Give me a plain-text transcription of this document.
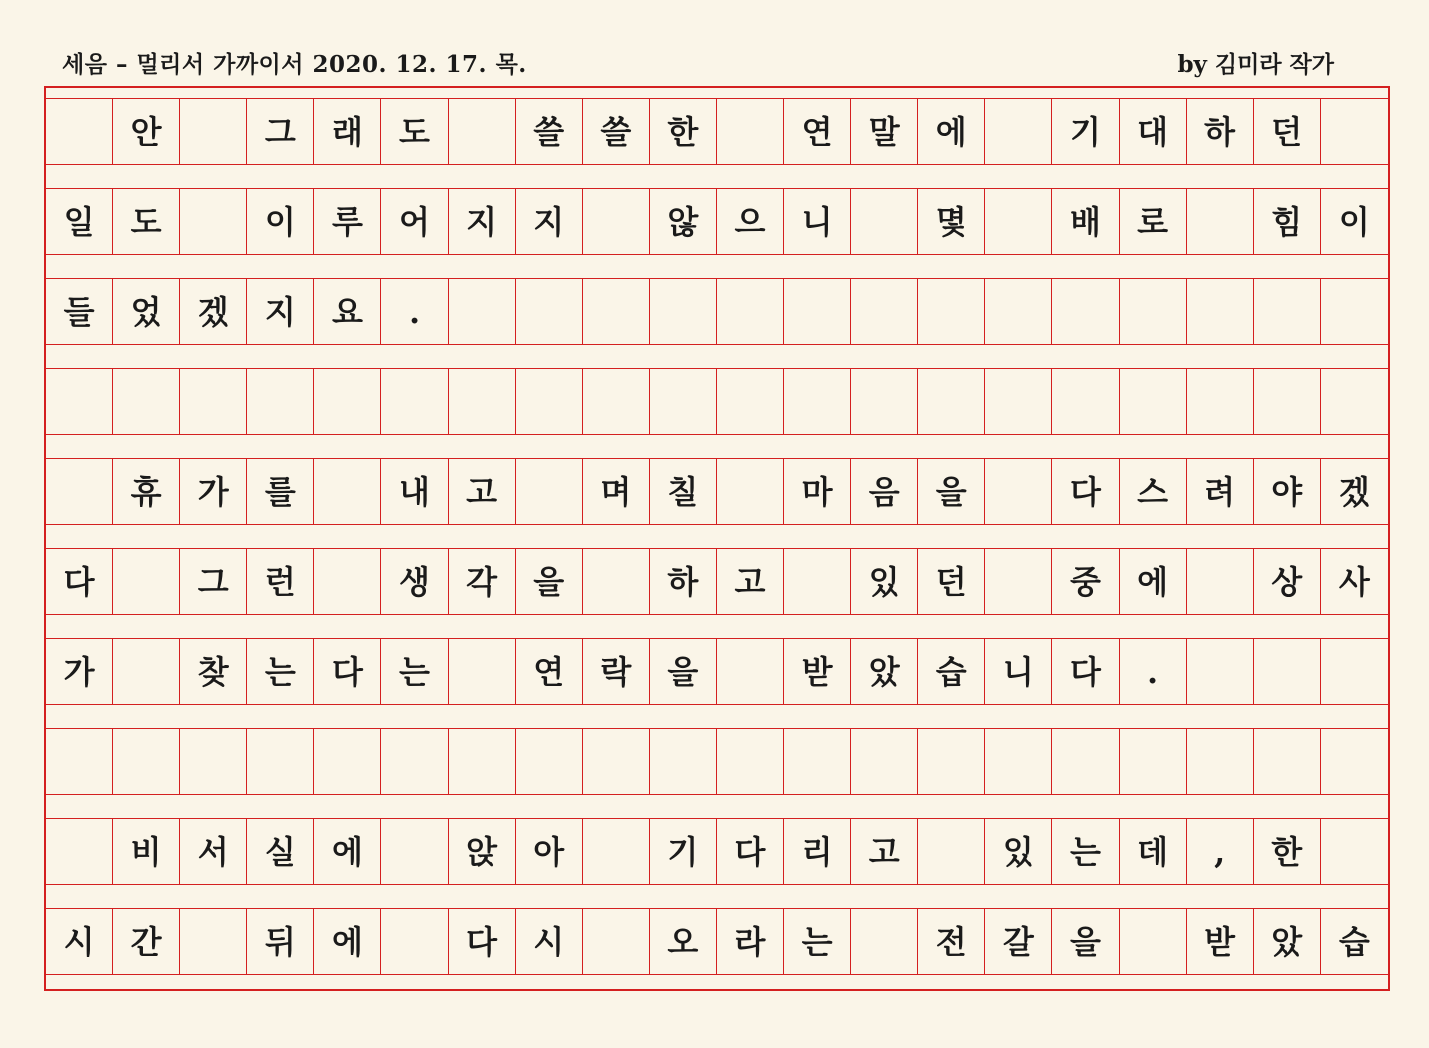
세음 – 멀리서 가까이서 2020. 12. 17. 목.	by 김미라 작가
안	그	래	도	쓸	쓸	한	연	말	에	기	대	하	던
일	도	이	루	어	지	지	않	으	니	몇	배	로	힘	이
들	었	겠	지	요	.
휴	가	를	내	고	며	칠	마	음	을	다	스	려	야	겠
다	그	런	생	각	을	하	고	있	던	중	에	상	사
가	찾	는	다	는	연	락	을	받	았	습	니	다	.
비	서	실	에	앉	아	기	다	리	고	있	는	데	,	한
시	간	뒤	에	다	시	오	라	는	전	갈	을	받	았	습
